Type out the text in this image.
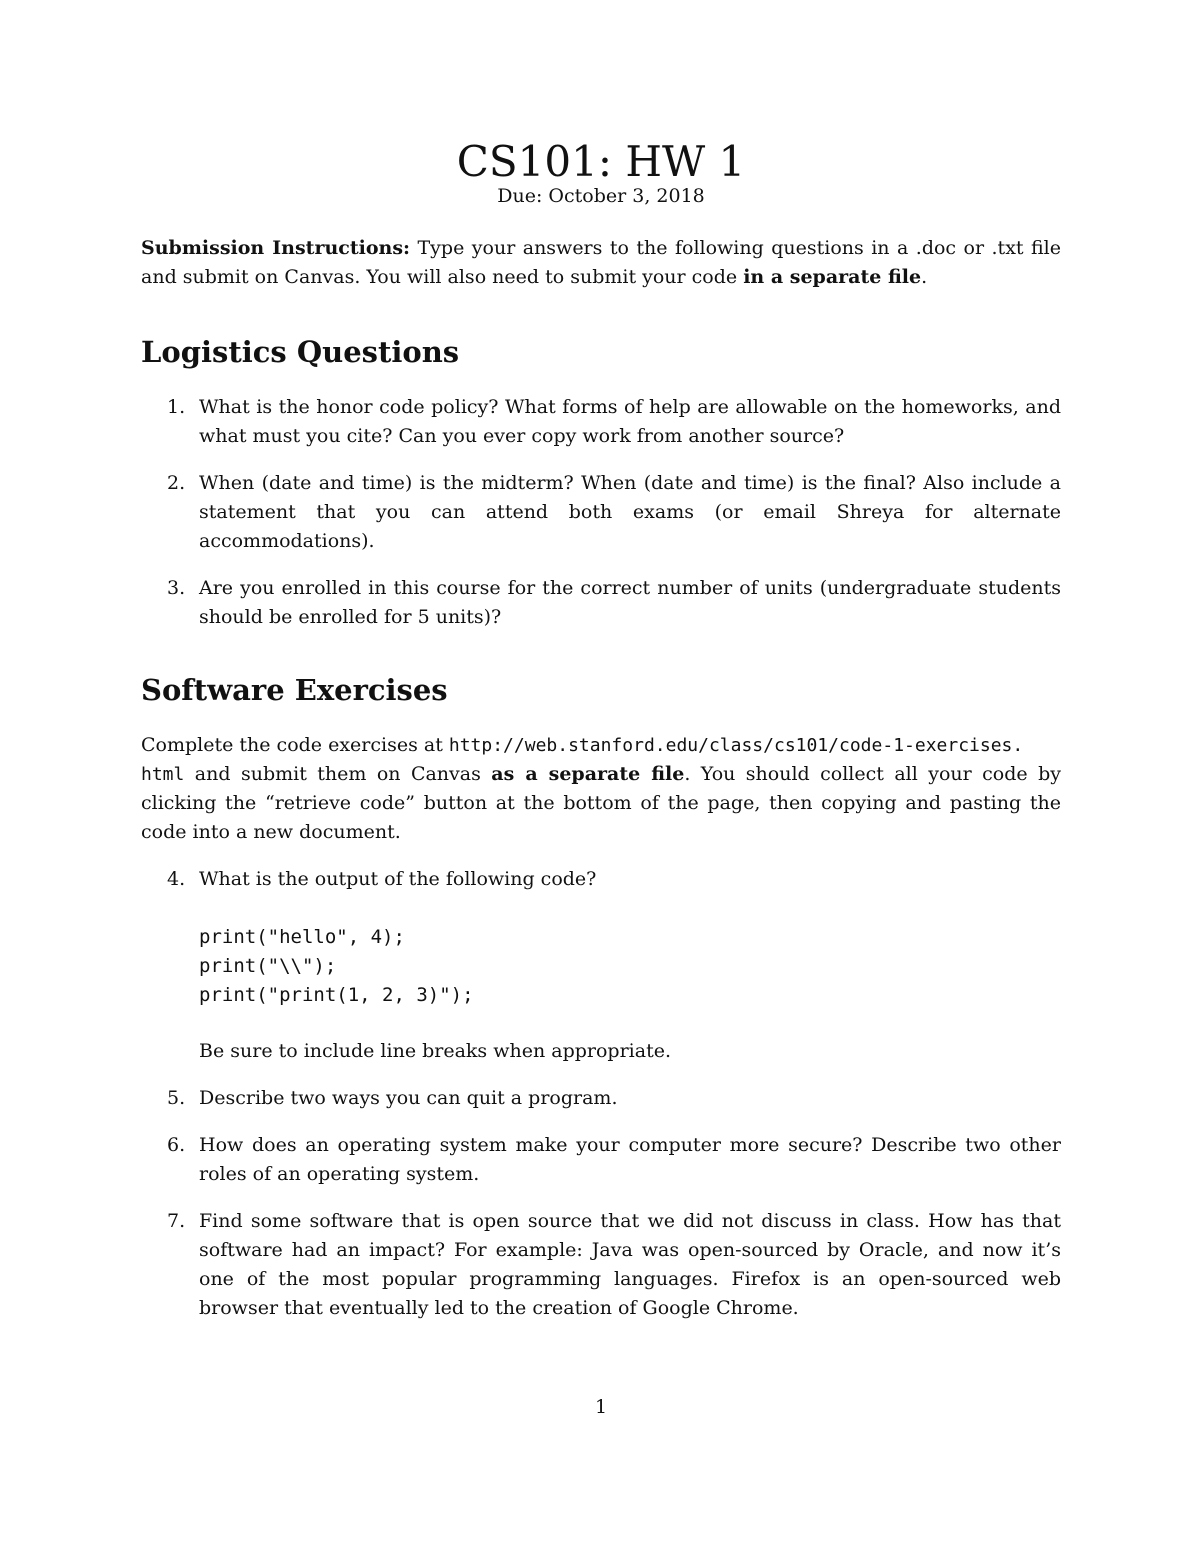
CS101: HW 1
Due: October 3, 2018
Submission Instructions: Type your answers to the following questions in a .doc or .txt file and submit on Canvas. You will also need to submit your code in a separate file.
Logistics Questions
1. What is the honor code policy? What forms of help are allowable on the homeworks, and what must you cite? Can you ever copy work from another source?
2. When (date and time) is the midterm? When (date and time) is the final? Also include a statement that you can attend both exams (or email Shreya for alternate accommodations).
3. Are you enrolled in this course for the correct number of units (undergraduate students should be enrolled for 5 units)?
Software Exercises
Complete the code exercises at http://web.stanford.edu/class/cs101/code-1-exercises.
html and submit them on Canvas as a separate file. You should collect all your code by clicking the “retrieve code” button at the bottom of the page, then copying and pasting the code into a new document.
4. What is the output of the following code?
print("hello", 4);
print("\\");
print("print(1, 2, 3)");
Be sure to include line breaks when appropriate.
5. Describe two ways you can quit a program.
6. How does an operating system make your computer more secure? Describe two other roles of an operating system.
7. Find some software that is open source that we did not discuss in class. How has that software had an impact? For example: Java was open-sourced by Oracle, and now it’s one of the most popular programming languages. Firefox is an open-sourced web browser that eventually led to the creation of Google Chrome.
1
